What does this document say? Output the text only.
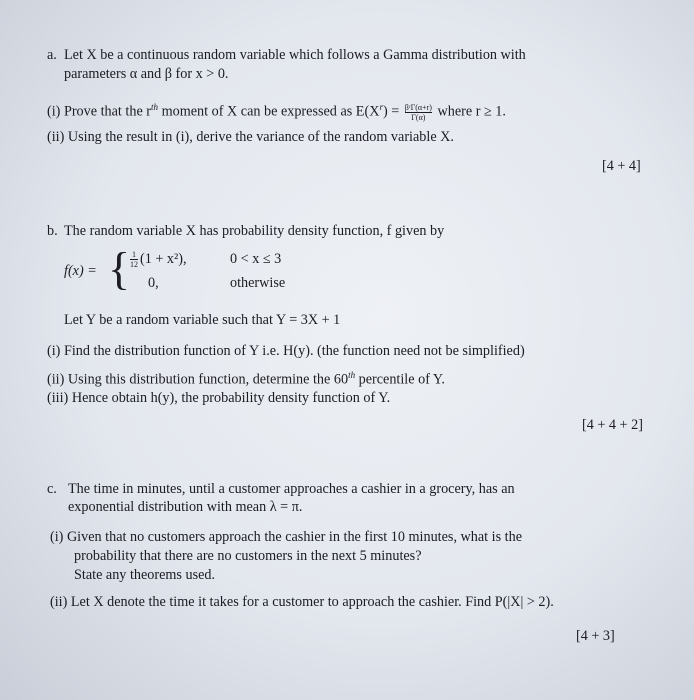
a. Let X be a continuous random variable which follows a Gamma distribution with
parameters α and β for x > 0.
(i) Prove that the $r^{th}$ moment of X can be expressed as $E(X^r) = \frac{\text{βʳΓ(α+r)}}{\Gamma(\alpha)}$ where r ≥ 1.
(ii) Using the result in (i), derive the variance of the random variable X.
[4 + 4]
b. The random variable X has probability density function, f given by
f(x) = { $\frac{1}{12} (1 + x^2)$,	0 < x ≤ 3
0,	otherwise
Let Y be a random variable such that Y = 3X + 1
(i) Find the distribution function of Y i.e. H(y). (the function need not be simplified)
(ii) Using this distribution function, determine the 60th percentile of Y.
(iii) Hence obtain h(y), the probability density function of Y.
[4 + 4 + 2]
c. The time in minutes, until a customer approaches a cashier in a grocery, has an
exponential distribution with mean λ = π.
(i) Given that no customers approach the cashier in the first 10 minutes, what is the
probability that there are no customers in the next 5 minutes?
State any theorems used.
(ii) Let X denote the time it takes for a customer to approach the cashier. Find P(|X| > 2).
[4 + 3]
